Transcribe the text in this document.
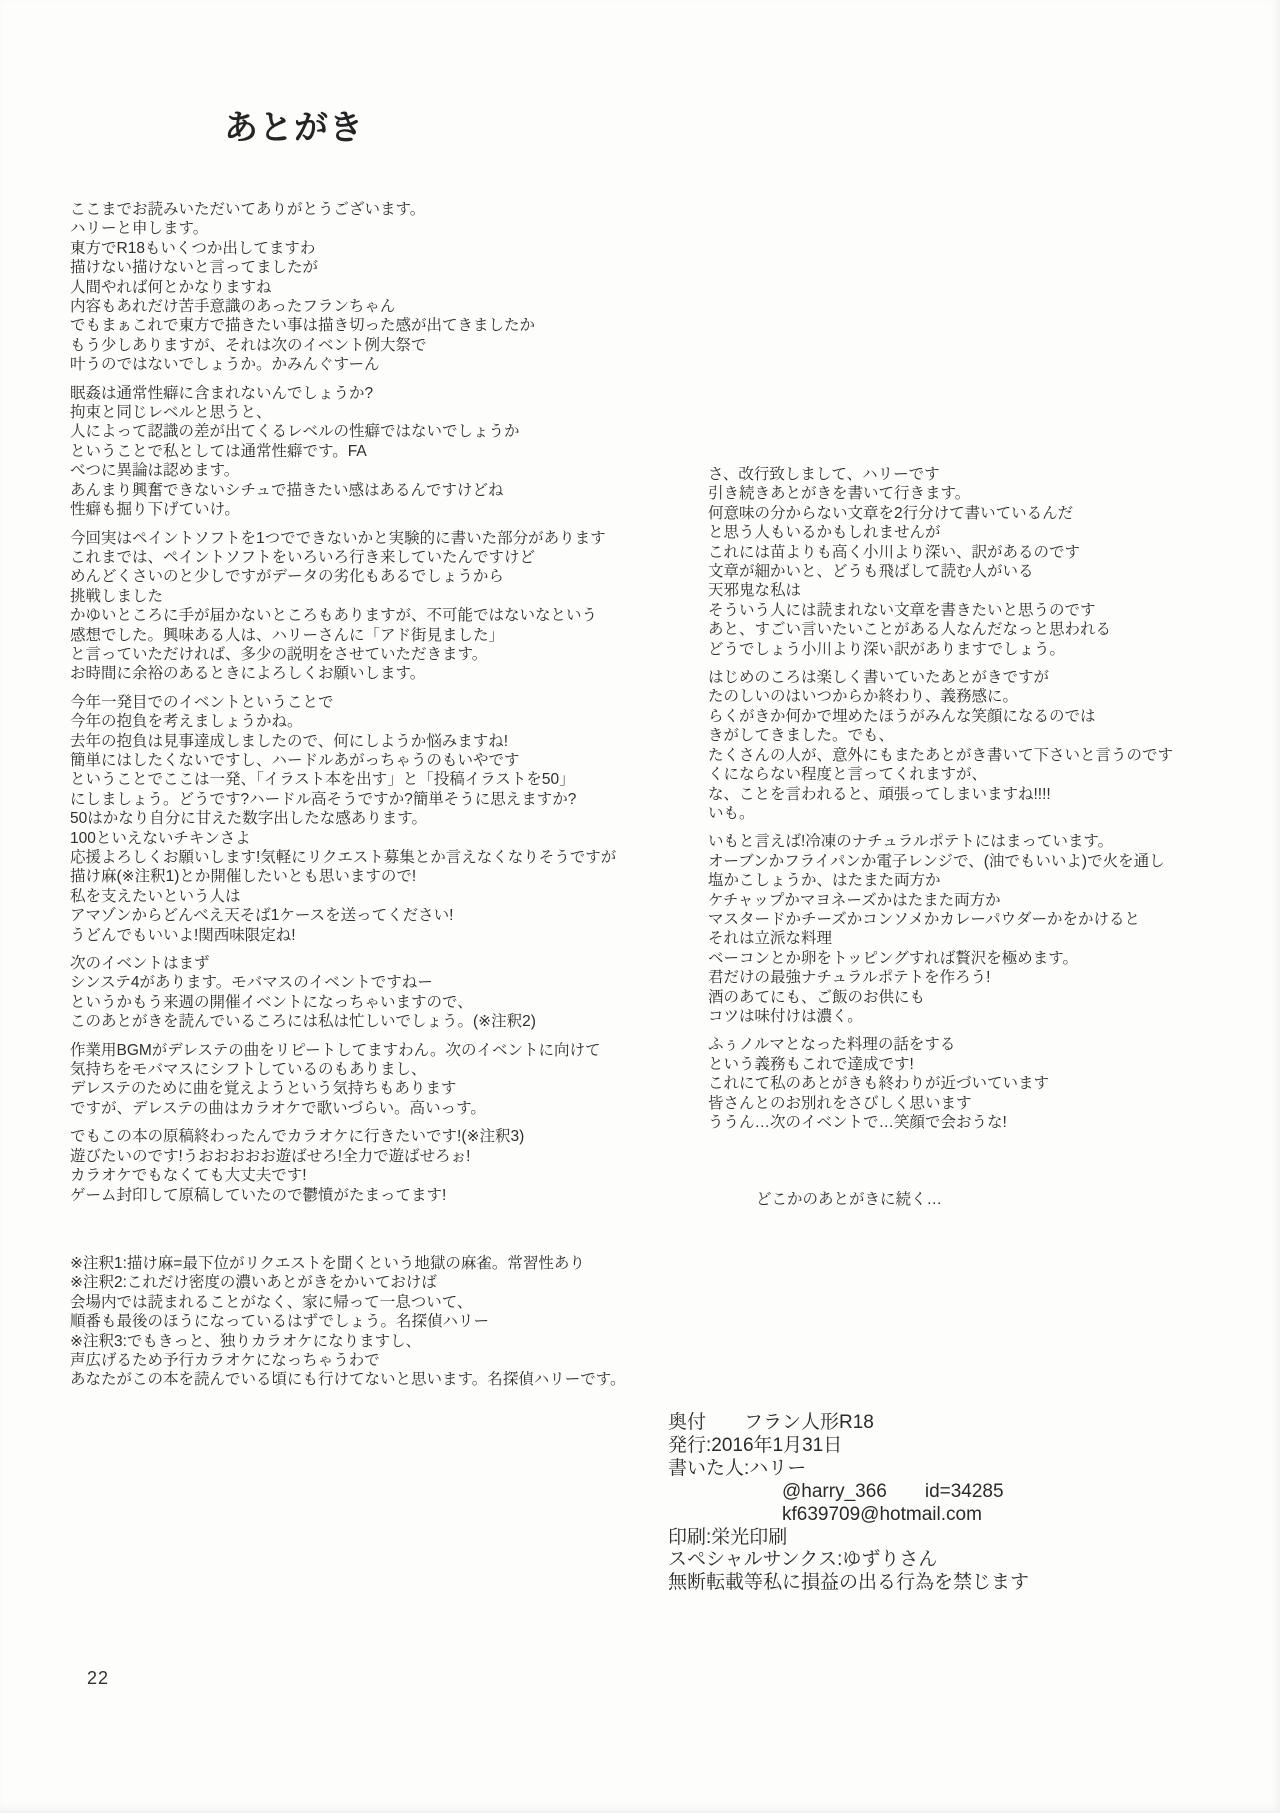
あとがき
ここまでお読みいただいてありがとうございます。
ハリーと申します。
東方でR18もいくつか出してますわ
描けない描けないと言ってましたが
人間やれば何とかなりますね
内容もあれだけ苦手意識のあったフランちゃん
でもまぁこれで東方で描きたい事は描き切った感が出てきましたか
もう少しありますが、それは次のイベント例大祭で
叶うのではないでしょうか。かみんぐすーん
眠姦は通常性癖に含まれないんでしょうか?
拘束と同じレベルと思うと、
人によって認識の差が出てくるレベルの性癖ではないでしょうか
ということで私としては通常性癖です。FA
べつに異論は認めます。
あんまり興奮できないシチュで描きたい感はあるんですけどね
性癖も掘り下げていけ。
今回実はペイントソフトを1つでできないかと実験的に書いた部分があります
これまでは、ペイントソフトをいろいろ行き来していたんですけど
めんどくさいのと少しですがデータの劣化もあるでしょうから
挑戦しました
かゆいところに手が届かないところもありますが、不可能ではないなという
感想でした。興味ある人は、ハリーさんに「アド街見ました」
と言っていただければ、多少の説明をさせていただきます。
お時間に余裕のあるときによろしくお願いします。
今年一発目でのイベントということで
今年の抱負を考えましょうかね。
去年の抱負は見事達成しましたので、何にしようか悩みますね!
簡単にはしたくないですし、ハードルあがっちゃうのもいやです
ということでここは一発、「イラスト本を出す」と「投稿イラストを50」
にしましょう。どうです?ハードル高そうですか?簡単そうに思えますか?
50はかなり自分に甘えた数字出したな感あります。
100といえないチキンさよ
応援よろしくお願いします!気軽にリクエスト募集とか言えなくなりそうですが
描け麻(※注釈1)とか開催したいとも思いますので!
私を支えたいという人は
アマゾンからどんべえ天そば1ケースを送ってください!
うどんでもいいよ!関西味限定ね!
次のイベントはまず
シンステ4があります。モバマスのイベントですねー
というかもう来週の開催イベントになっちゃいますので、
このあとがきを読んでいるころには私は忙しいでしょう。(※注釈2)
作業用BGMがデレステの曲をリピートしてますわん。次のイベントに向けて
気持ちをモバマスにシフトしているのもありまし、
デレステのために曲を覚えようという気持ちもあります
ですが、デレステの曲はカラオケで歌いづらい。高いっす。
でもこの本の原稿終わったんでカラオケに行きたいです!(※注釈3)
遊びたいのです!うおおおおお遊ばせろ!全力で遊ばせろぉ!
カラオケでもなくても大丈夫です!
ゲーム封印して原稿していたので鬱憤がたまってます!
さ、改行致しまして、ハリーです
引き続きあとがきを書いて行きます。
何意味の分からない文章を2行分けて書いているんだ
と思う人もいるかもしれませんが
これには苗よりも高く小川より深い、訳があるのです
文章が細かいと、どうも飛ばして読む人がいる
天邪鬼な私は
そういう人には読まれない文章を書きたいと思うのです
あと、すごい言いたいことがある人なんだなっと思われる
どうでしょう小川より深い訳がありますでしょう。
はじめのころは楽しく書いていたあとがきですが
たのしいのはいつからか終わり、義務感に。
らくがきか何かで埋めたほうがみんな笑顔になるのでは
きがしてきました。でも、
たくさんの人が、意外にもまたあとがき書いて下さいと言うのです
くにならない程度と言ってくれますが、
な、ことを言われると、頑張ってしまいますね!!!!
いも。
いもと言えば!冷凍のナチュラルポテトにはまっています。
オーブンかフライパンか電子レンジで、(油でもいいよ)で火を通し
塩かこしょうか、はたまた両方か
ケチャップかマヨネーズかはたまた両方か
マスタードかチーズかコンソメかカレーパウダーかをかけると
それは立派な料理
ベーコンとか卵をトッピングすれば贅沢を極めます。
君だけの最強ナチュラルポテトを作ろう!
酒のあてにも、ご飯のお供にも
コツは味付けは濃く。
ふぅノルマとなった料理の話をする
という義務もこれで達成です!
これにて私のあとがきも終わりが近づいています
皆さんとのお別れをさびしく思います
ううん…次のイベントで…笑顔で会おうな!
どこかのあとがきに続く…
※注釈1:描け麻=最下位がリクエストを聞くという地獄の麻雀。常習性あり
※注釈2:これだけ密度の濃いあとがきをかいておけば
会場内では読まれることがなく、家に帰って一息ついて、
順番も最後のほうになっているはずでしょう。名探偵ハリー
※注釈3:でもきっと、独りカラオケになりますし、
声広げるため予行カラオケになっちゃうわで
あなたがこの本を読んでいる頃にも行けてないと思います。名探偵ハリーです。
奥付　　フラン人形R18
発行:2016年1月31日
書いた人:ハリー
　　　　　　@harry_366　　id=34285
　　　　　　kf639709@hotmail.com
印刷:栄光印刷
スペシャルサンクス:ゆずりさん
無断転載等私に損益の出る行為を禁じます
22
